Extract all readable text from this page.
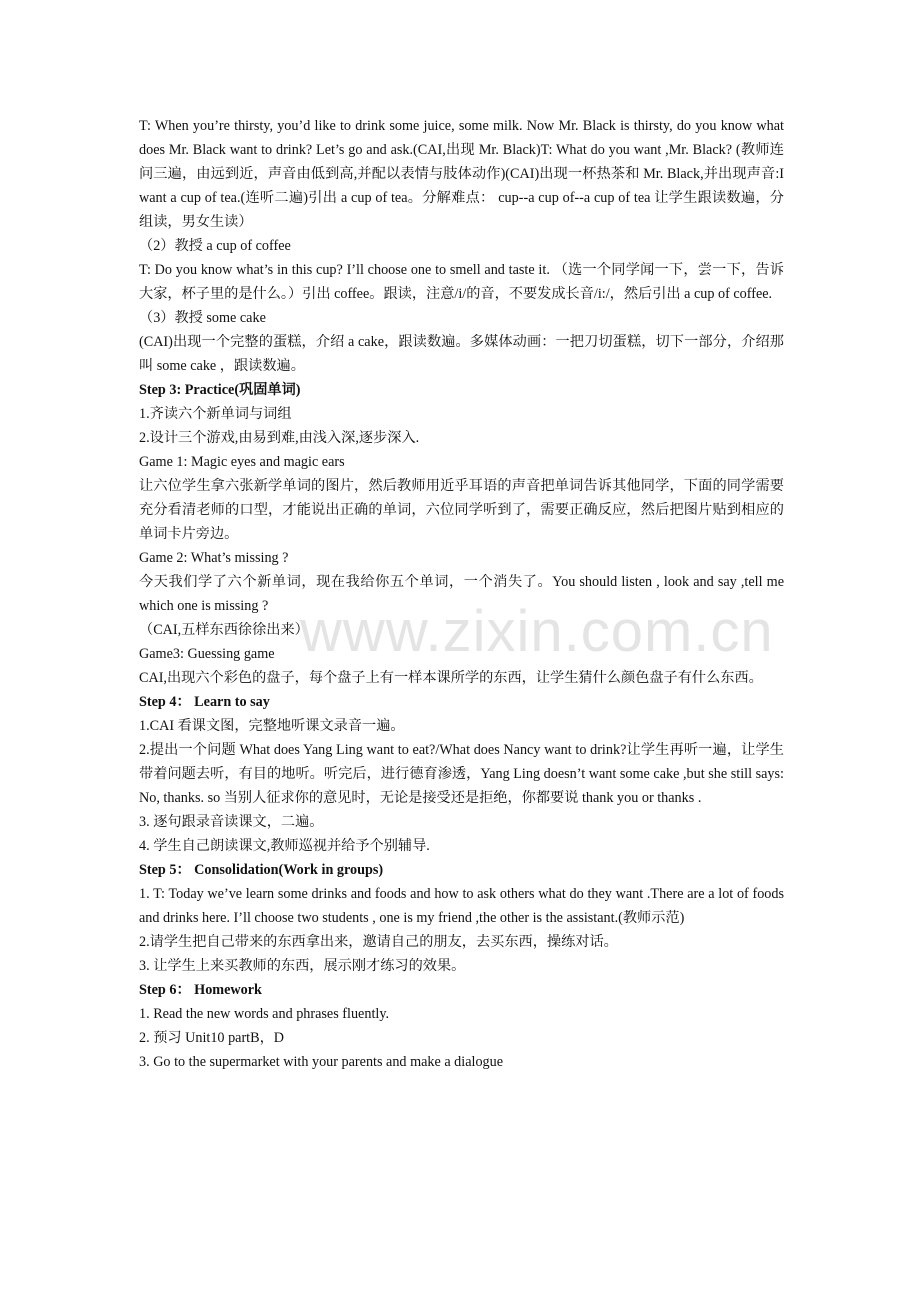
T: When you’re thirsty, you’d like to drink some juice, some milk. Now Mr. Black is thirsty, do you know what does Mr. Black want to drink? Let’s go and ask.(CAI,出现 Mr. Black)T: What do you want ,Mr. Black? (教师连问三遍，由远到近，声音由低到高,并配以表情与肢体动作)(CAI)出现一杯热茶和 Mr. Black,并出现声音:I want a cup of tea.(连听二遍)引出 a cup of tea。分解难点： cup--a cup of--a cup of tea 让学生跟读数遍，分组读，男女生读）

（2）教授 a cup of coffee

T: Do you know what’s in this cup? I’ll choose one to smell and taste it. （选一个同学闻一下，尝一下，告诉大家，杯子里的是什么。）引出 coffee。跟读，注意/i/的音，不要发成长音/i:/，然后引出 a cup of coffee.

（3）教授 some cake

(CAI)出现一个完整的蛋糕，介绍 a cake，跟读数遍。多媒体动画：一把刀切蛋糕，切下一部分，介绍那叫 some cake ，跟读数遍。

Step 3: Practice(巩固单词)

1.齐读六个新单词与词组

2.设计三个游戏,由易到难,由浅入深,逐步深入.

Game 1: Magic eyes and magic ears

让六位学生拿六张新学单词的图片，然后教师用近乎耳语的声音把单词告诉其他同学，下面的同学需要充分看清老师的口型，才能说出正确的单词，六位同学听到了，需要正确反应，然后把图片贴到相应的单词卡片旁边。

Game 2: What’s missing ?

今天我们学了六个新单词，现在我给你五个单词，一个消失了。You should listen , look and say ,tell me which one is missing ?

（CAI,五样东西徐徐出来）

Game3: Guessing game

CAI,出现六个彩色的盘子，每个盘子上有一样本课所学的东西，让学生猜什么颜色盘子有什么东西。

Step 4： Learn to say

1.CAI 看课文图，完整地听课文录音一遍。

2.提出一个问题 What does Yang Ling want to eat?/What does Nancy want to drink?让学生再听一遍，让学生带着问题去听，有目的地听。听完后，进行德育渗透，Yang Ling doesn’t want some cake ,but she still says: No, thanks. so 当别人征求你的意见时，无论是接受还是拒绝，你都要说 thank you or thanks .

3. 逐句跟录音读课文，二遍。

4. 学生自己朗读课文,教师巡视并给予个别辅导.

Step 5： Consolidation(Work in groups)

1. T: Today we’ve learn some drinks and foods and how to ask others what do they want .There are a lot of foods and drinks here. I’ll choose two students , one is my friend ,the other is the assistant.(教师示范)

2.请学生把自己带来的东西拿出来，邀请自己的朋友，去买东西，操练对话。

3. 让学生上来买教师的东西，展示刚才练习的效果。

Step 6： Homework

1. Read the new words and phrases fluently.

2. 预习 Unit10 partB，D

3. Go to the supermarket with your parents and make a dialogue

www.zixin.com.cn
